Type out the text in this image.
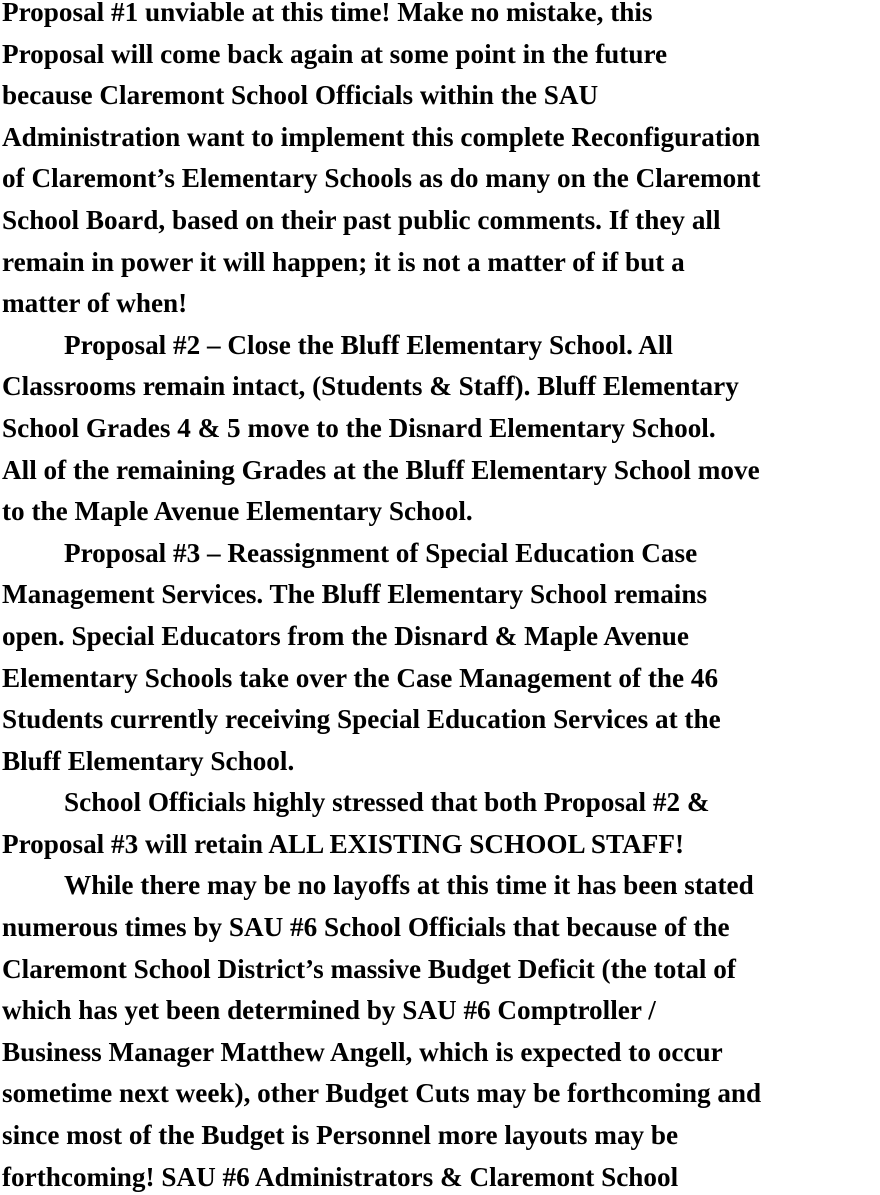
Proposal #1 unviable at this time! Make no mistake, this
Proposal will come back again at some point in the future
because Claremont School Officials within the SAU
Administration want to implement this complete Reconfiguration
of Claremont’s Elementary Schools as do many on the Claremont
School Board, based on their past public comments. If they all
remain in power it will happen; it is not a matter of if but a
matter of when!
Proposal #2 – Close the Bluff Elementary School. All
Classrooms remain intact, (Students & Staff). Bluff Elementary
School Grades 4 & 5 move to the Disnard Elementary School.
All of the remaining Grades at the Bluff Elementary School move
to the Maple Avenue Elementary School.
Proposal #3 – Reassignment of Special Education Case
Management Services. The Bluff Elementary School remains
open. Special Educators from the Disnard & Maple Avenue
Elementary Schools take over the Case Management of the 46
Students currently receiving Special Education Services at the
Bluff Elementary School.
School Officials highly stressed that both Proposal #2 &
Proposal #3 will retain ALL EXISTING SCHOOL STAFF!
While there may be no layoffs at this time it has been stated
numerous times by SAU #6 School Officials that because of the
Claremont School District’s massive Budget Deficit (the total of
which has yet been determined by SAU #6 Comptroller /
Business Manager Matthew Angell, which is expected to occur
sometime next week), other Budget Cuts may be forthcoming and
since most of the Budget is Personnel more layouts may be
forthcoming! SAU #6 Administrators & Claremont School
